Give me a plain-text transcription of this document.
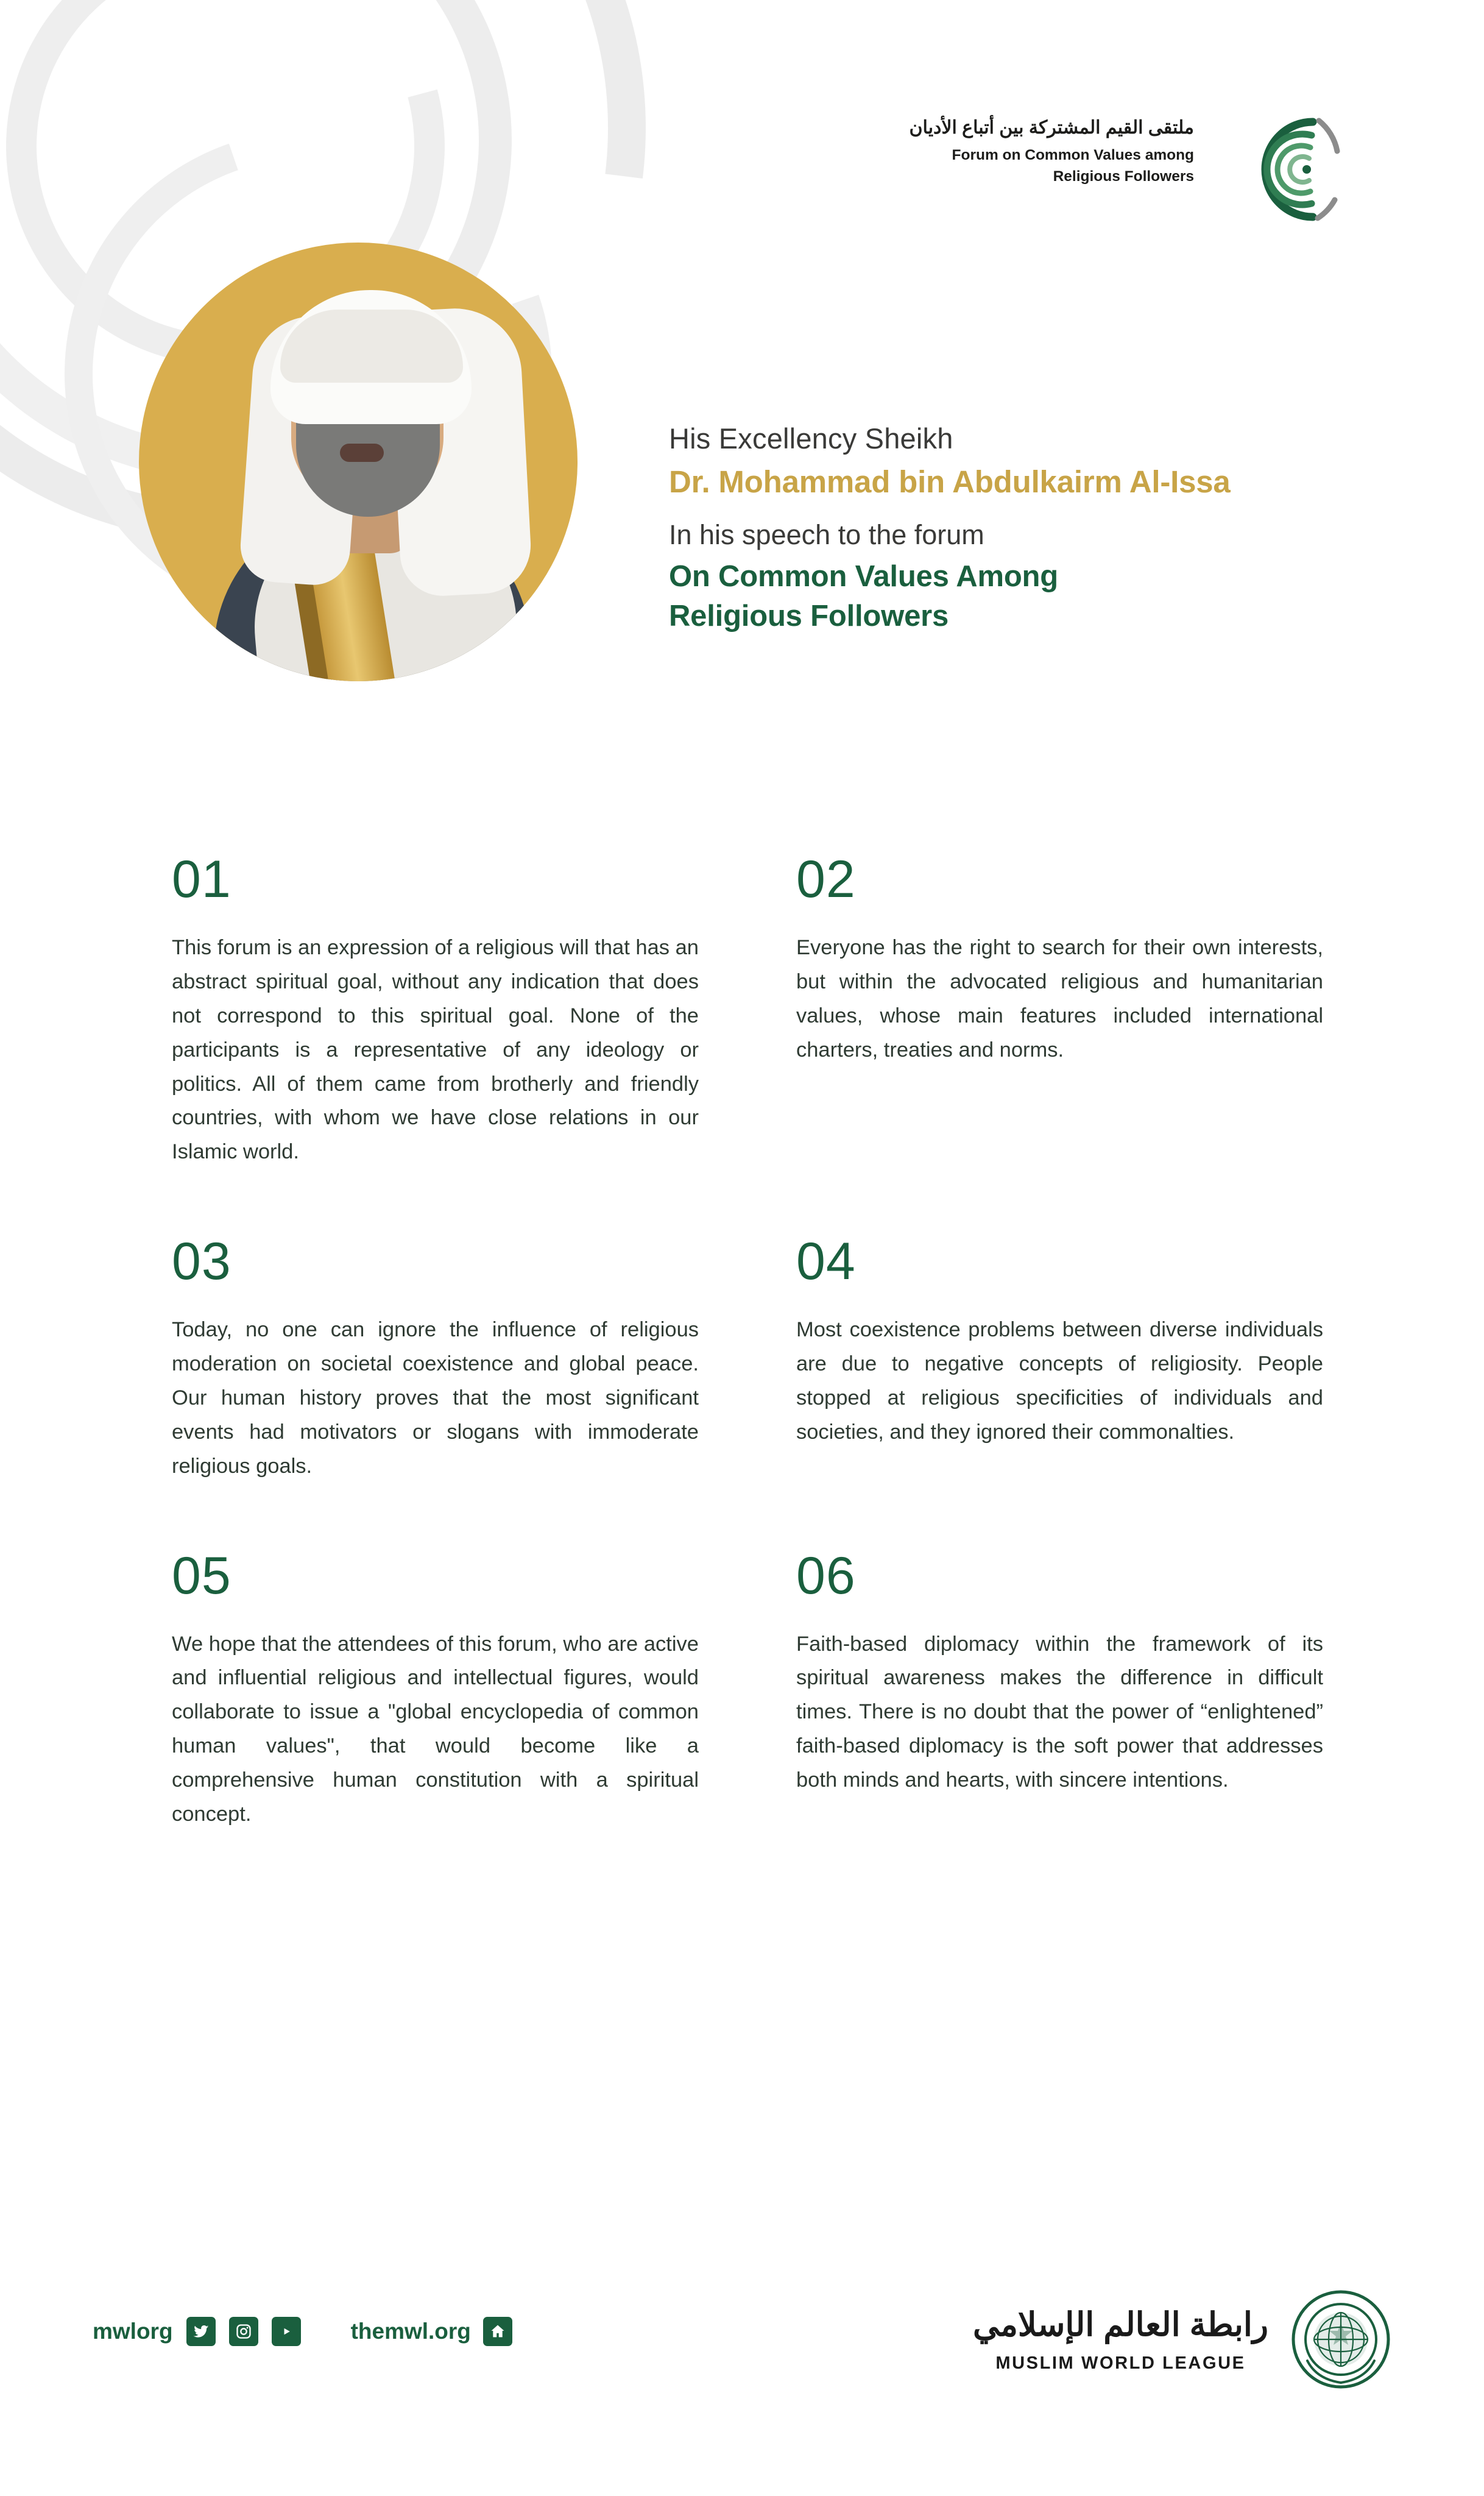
ملتقى القيم المشتركة بين أتباع الأديان
Forum on Common Values among
Religious Followers
His Excellency Sheikh
Dr. Mohammad bin Abdulkairm Al-Issa
In his speech to the forum
On Common Values Among
Religious Followers
01
This forum is an expression of a religious will that has an abstract spiritual goal, without any indication that does not correspond to this spiritual goal. None of the participants is a representative of any ideology or politics. All of them came from brotherly and friendly countries, with whom we have close relations in our Islamic world.
02
Everyone has the right to search for their own interests, but within the advocated religious and humanitarian values, whose main features included international charters, treaties and norms.
03
Today, no one can ignore the influence of religious moderation on societal coexistence and global peace. Our human history proves that the most significant events had motivators or slogans with immoderate religious goals.
04
Most coexistence problems between diverse individuals are due to negative concepts of religiosity. People stopped at religious specificities of individuals and societies, and they ignored their commonalties.
05
We hope that the attendees of this forum, who are active and influential religious and intellectual figures, would collaborate to issue a "global encyclopedia of common human values", that would become like a comprehensive human constitution with a spiritual concept.
06
Faith-based diplomacy within the framework of its spiritual awareness makes the difference in difficult times. There is no doubt that the power of “enlightened” faith-based diplomacy is the soft power that addresses both minds and hearts, with sincere intentions.
mwlorg	themwl.org	رابطة العالم الإسلامي
MUSLIM WORLD LEAGUE
